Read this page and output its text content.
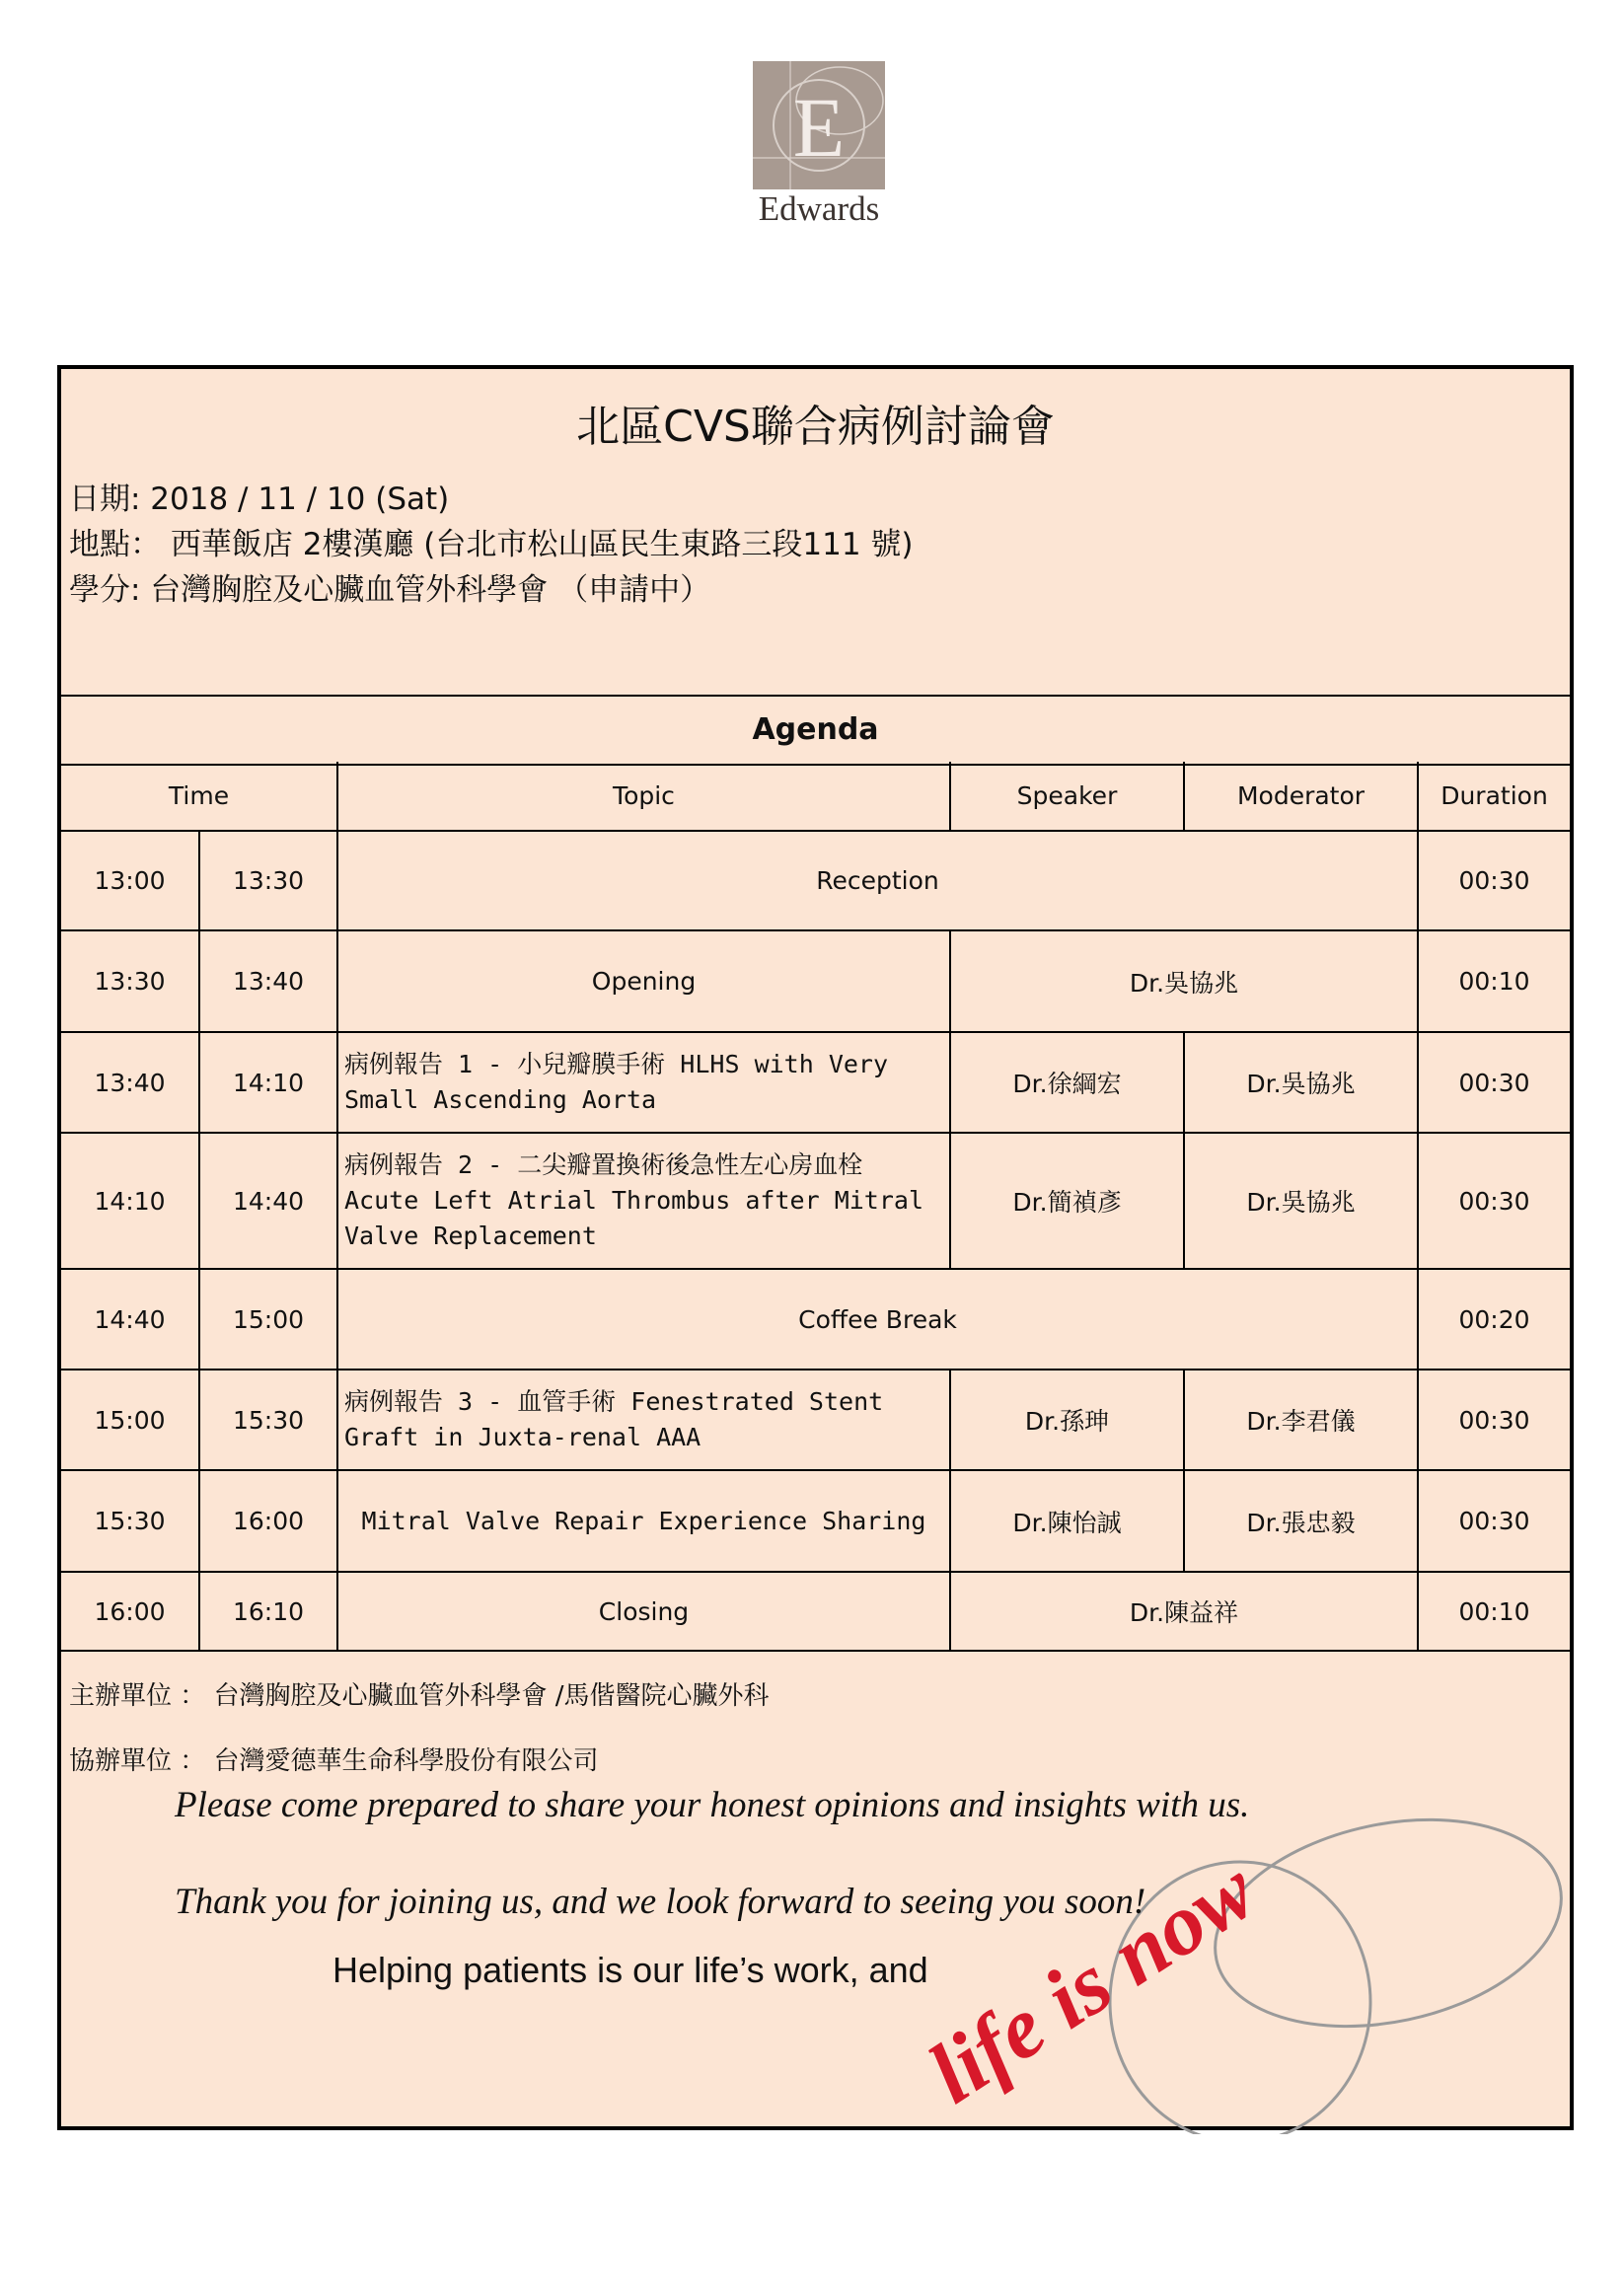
E
Edwards
北區CVS聯合病例討論會
日期: 2018 / 11 / 10 (Sat)
地點： 西華飯店 2樓漢廳 (台北市松山區民生東路三段111 號)
學分: 台灣胸腔及心臟血管外科學會 （申請中）
Agenda
Time		Topic	Speaker	Moderator	Duration
13:00	13:30	Reception			00:30
13:30	13:40	Opening	Dr.吳協兆		00:10
13:40	14:10	病例報告 1 - 小兒瓣膜手術 HLHS with Very Small Ascending Aorta	Dr.徐綱宏	Dr.吳協兆	00:30
14:10	14:40	病例報告 2 - 二尖瓣置換術後急性左心房血栓 Acute Left Atrial Thrombus after Mitral Valve Replacement	Dr.簡禎彥	Dr.吳協兆	00:30
14:40	15:00	Coffee Break			00:20
15:00	15:30	病例報告 3 - 血管手術 Fenestrated Stent Graft in Juxta-renal AAA	Dr.孫珅	Dr.李君儀	00:30
15:30	16:00	Mitral Valve Repair Experience Sharing	Dr.陳怡誠	Dr.張忠毅	00:30
16:00	16:10	Closing	Dr.陳益祥		00:10
life is now
主辦單位 ： 台灣胸腔及心臟血管外科學會 /馬偕醫院心臟外科
協辦單位 ： 台灣愛德華生命科學股份有限公司
Please come prepared to share your honest opinions and insights with us.
Thank you for joining us, and we look forward to seeing you soon!
Helping patients is our life’s work, and
